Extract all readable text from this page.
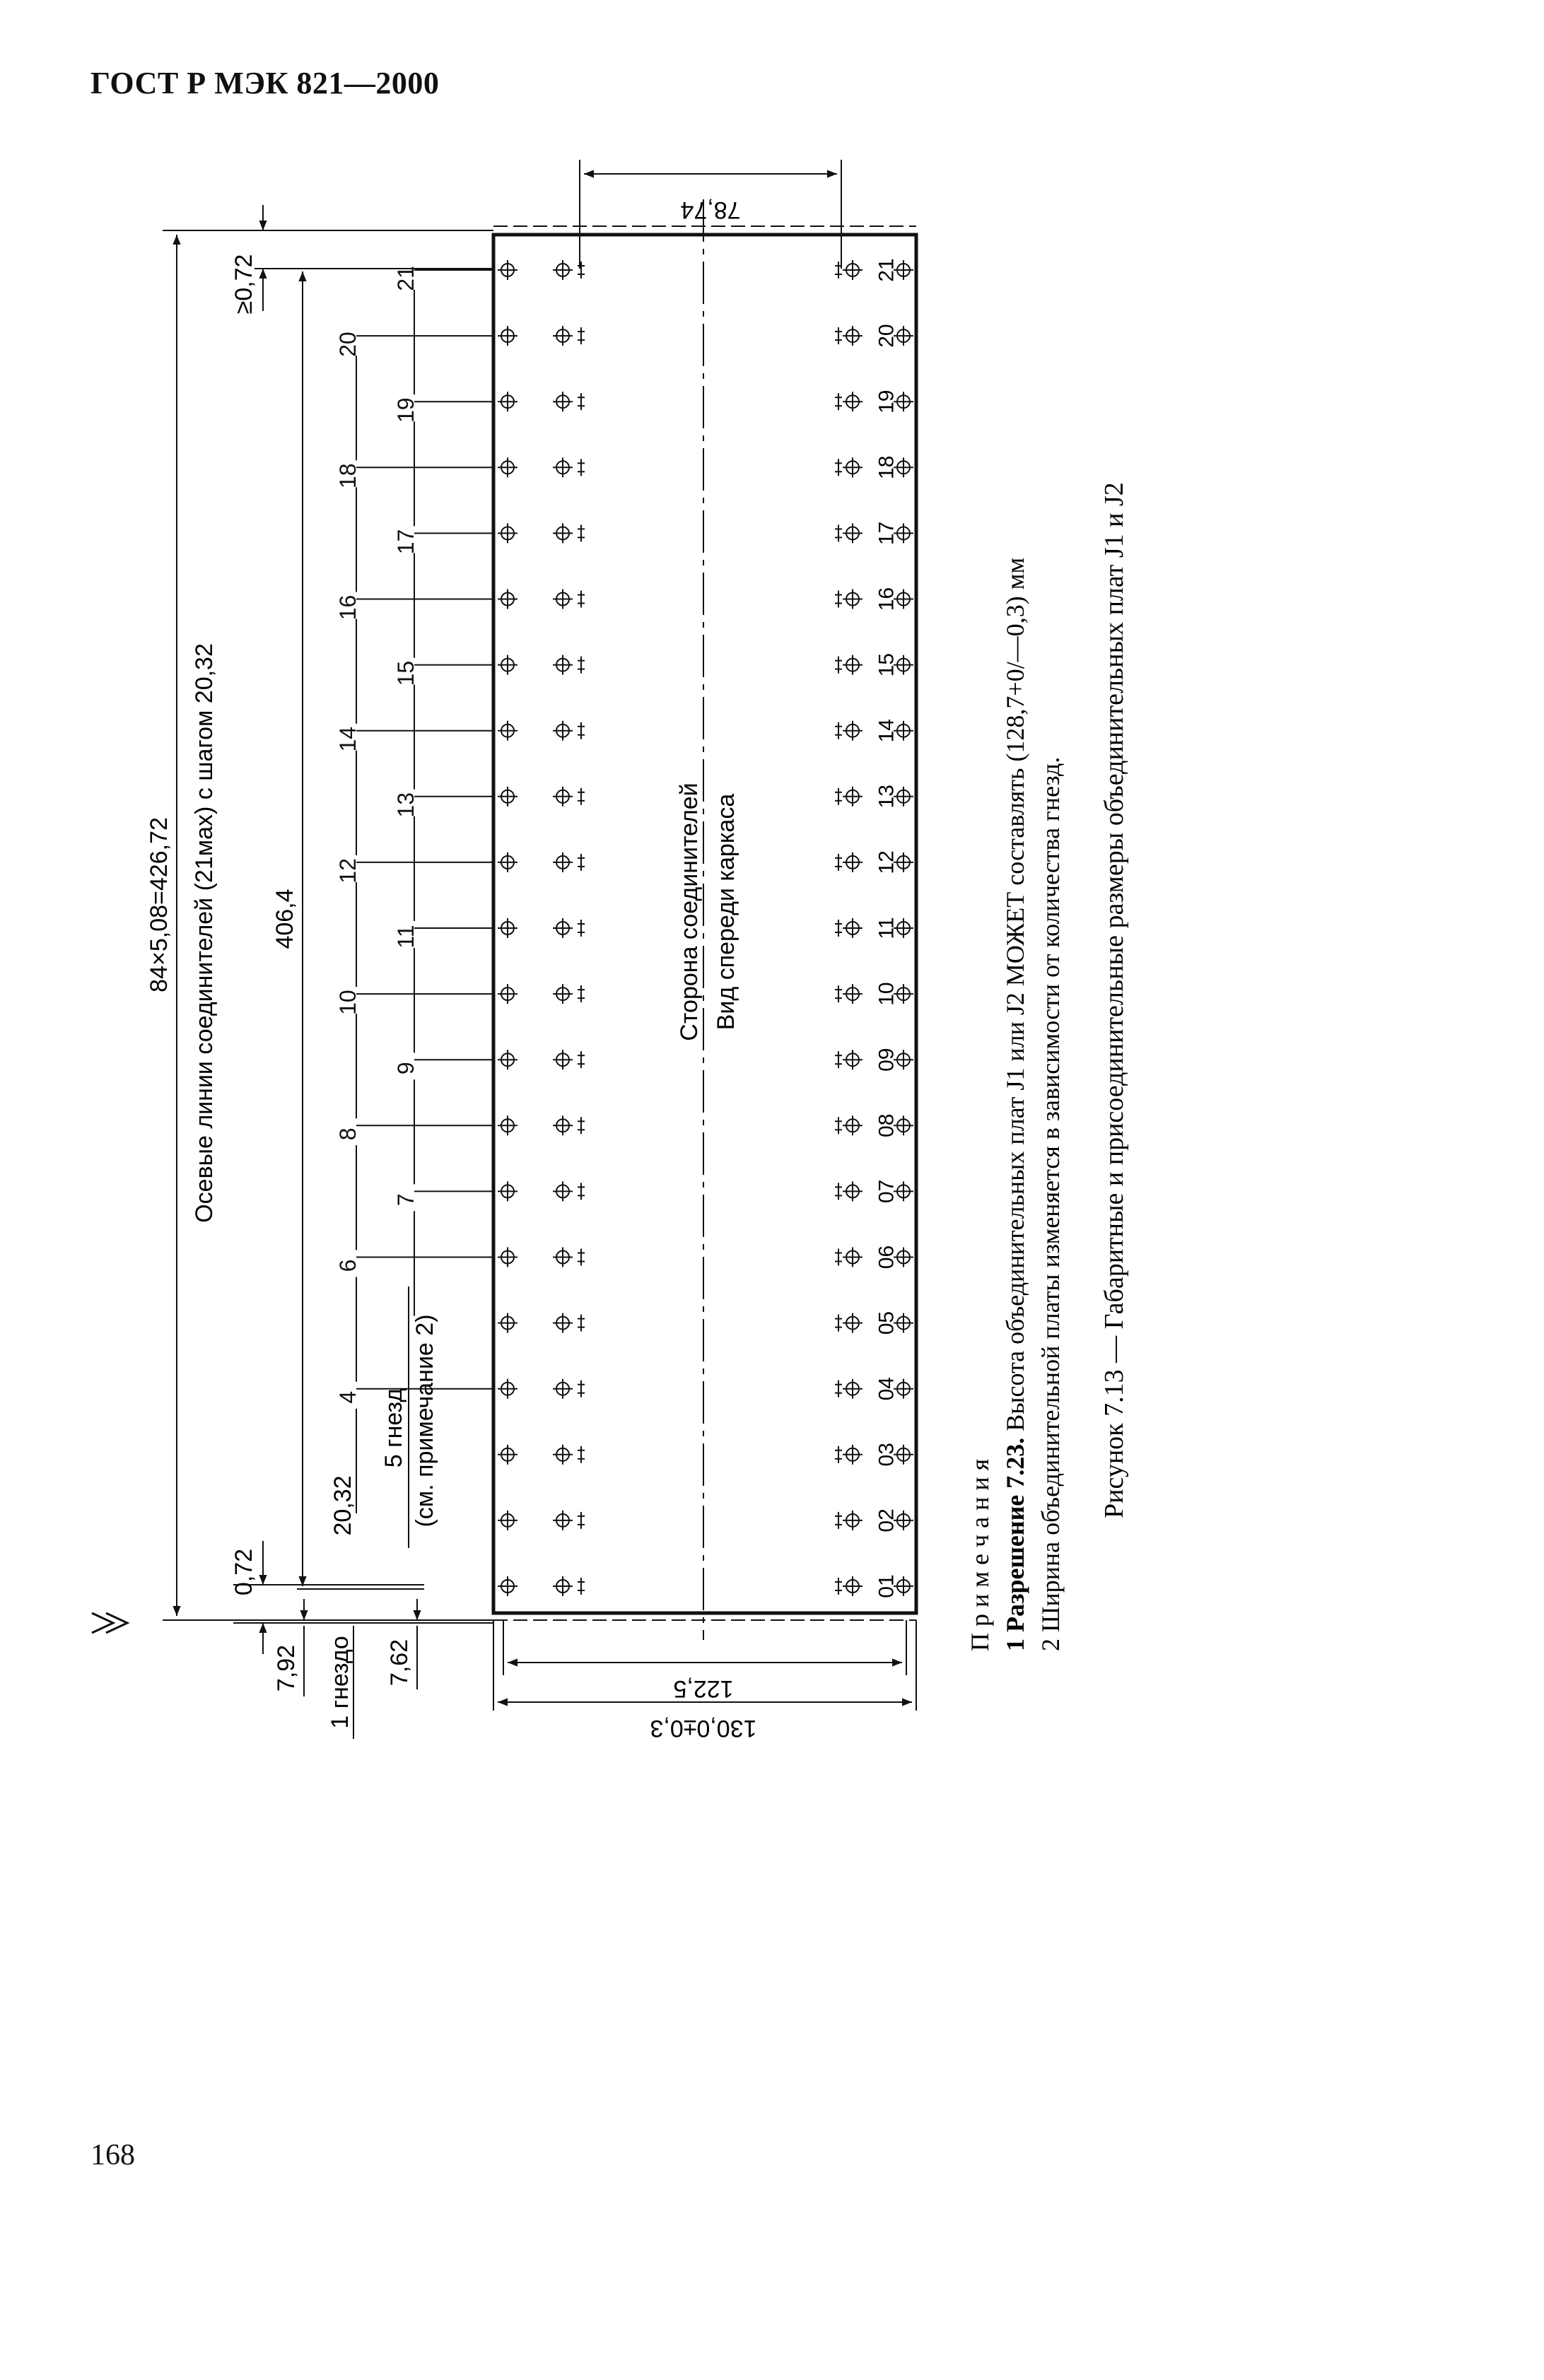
ГОСТ Р МЭК 821—2000
78,74
84×5,08=426,72 Осевые линии соединителей (21мах) с шагом 20,32
≥0,72
406,4
4
6
7
8
9
10
11
12
13
14
15
16
17
18
19
20
21
5 гнезд (см. примечание 2)
20,32
0,72
7,92 1 гнездо 7,62
122,5
130,0±0,3
01
02
03
04
05
06
07
08
09
10
11
12
13
14
15
16
17
18
19
20
21
Сторона соединителей Вид спереди каркаса
П р и м е ч а н и я 1 Разрешение 7.23. Высота объединительных плат J1 или J2 МОЖЕТ составлять (128,7+0/—0,3) мм 2 Ширина объединительной платы изменяется в зависимости от количества гнезд. Рисунок 7.13 — Габаритные и присоединительные размеры объединительных плат J1 и J2
168
